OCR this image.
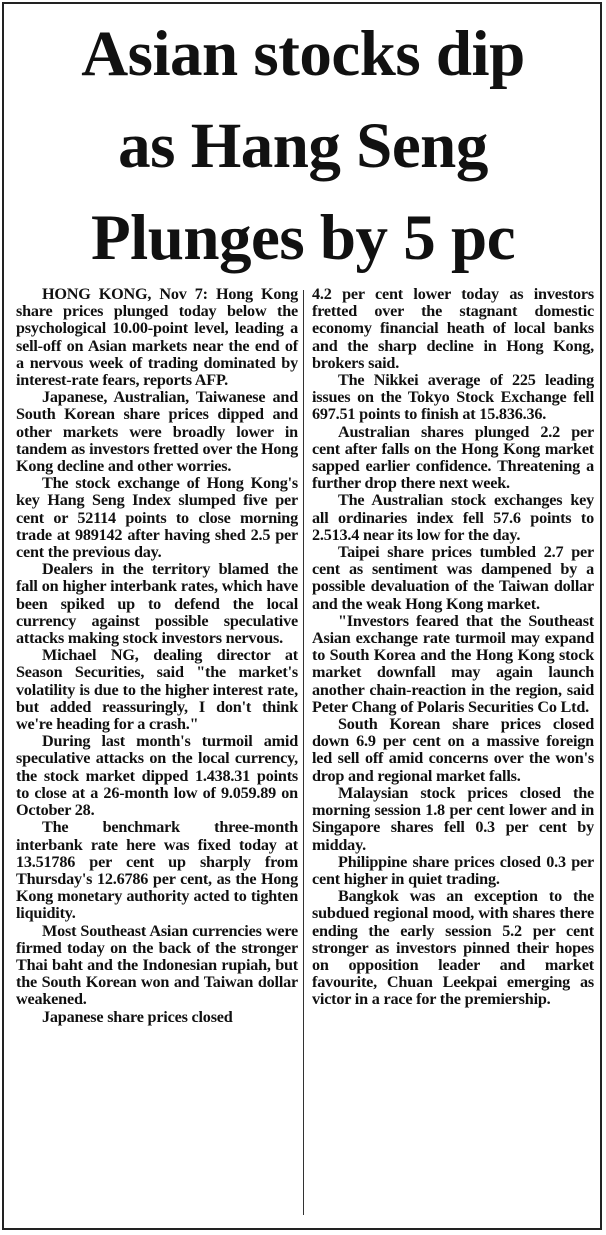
Asian stocks dip
as Hang Seng
Plunges by 5 pc

HONG KONG, Nov 7: Hong Kong share prices plunged today below the psychological 10.00-point level, leading a sell-off on Asian markets near the end of a nervous week of trading dominated by interest-rate fears, reports AFP.

Japanese, Australian, Taiwanese and South Korean share prices dipped and other markets were broadly lower in tandem as investors fretted over the Hong Kong decline and other worries.

The stock exchange of Hong Kong's key Hang Seng Index slumped five per cent or 52114 points to close morning trade at 989142 after having shed 2.5 per cent the previous day.

Dealers in the territory blamed the fall on higher interbank rates, which have been spiked up to defend the local currency against possible speculative attacks making stock investors nervous.

Michael NG, dealing director at Season Securities, said "the market's volatility is due to the higher interest rate, but added reassuringly, I don't think we're heading for a crash."

During last month's turmoil amid speculative attacks on the local currency, the stock market dipped 1.438.31 points to close at a 26-month low of 9.059.89 on October 28.

The benchmark three-month interbank rate here was fixed today at 13.51786 per cent up sharply from Thursday's 12.6786 per cent, as the Hong Kong monetary authority acted to tighten liquidity.

Most Southeast Asian currencies were firmed today on the back of the stronger Thai baht and the Indonesian rupiah, but the South Korean won and Taiwan dollar weakened.

Japanese share prices closed

4.2 per cent lower today as investors fretted over the stagnant domestic economy financial heath of local banks and the sharp decline in Hong Kong, brokers said.

The Nikkei average of 225 leading issues on the Tokyo Stock Exchange fell 697.51 points to finish at 15.836.36.

Australian shares plunged 2.2 per cent after falls on the Hong Kong market sapped earlier confidence. Threatening a further drop there next week.

The Australian stock exchanges key all ordinaries index fell 57.6 points to 2.513.4 near its low for the day.

Taipei share prices tumbled 2.7 per cent as sentiment was dampened by a possible devaluation of the Taiwan dollar and the weak Hong Kong market.

"Investors feared that the Southeast Asian exchange rate turmoil may expand to South Korea and the Hong Kong stock market downfall may again launch another chain-reaction in the region, said Peter Chang of Polaris Securities Co Ltd.

South Korean share prices closed down 6.9 per cent on a massive foreign led sell off amid concerns over the won's drop and regional market falls.

Malaysian stock prices closed the morning session 1.8 per cent lower and in Singapore shares fell 0.3 per cent by midday.

Philippine share prices closed 0.3 per cent higher in quiet trading.

Bangkok was an exception to the subdued regional mood, with shares there ending the early session 5.2 per cent stronger as investors pinned their hopes on opposition leader and market favourite, Chuan Leekpai emerging as victor in a race for the premiership.
